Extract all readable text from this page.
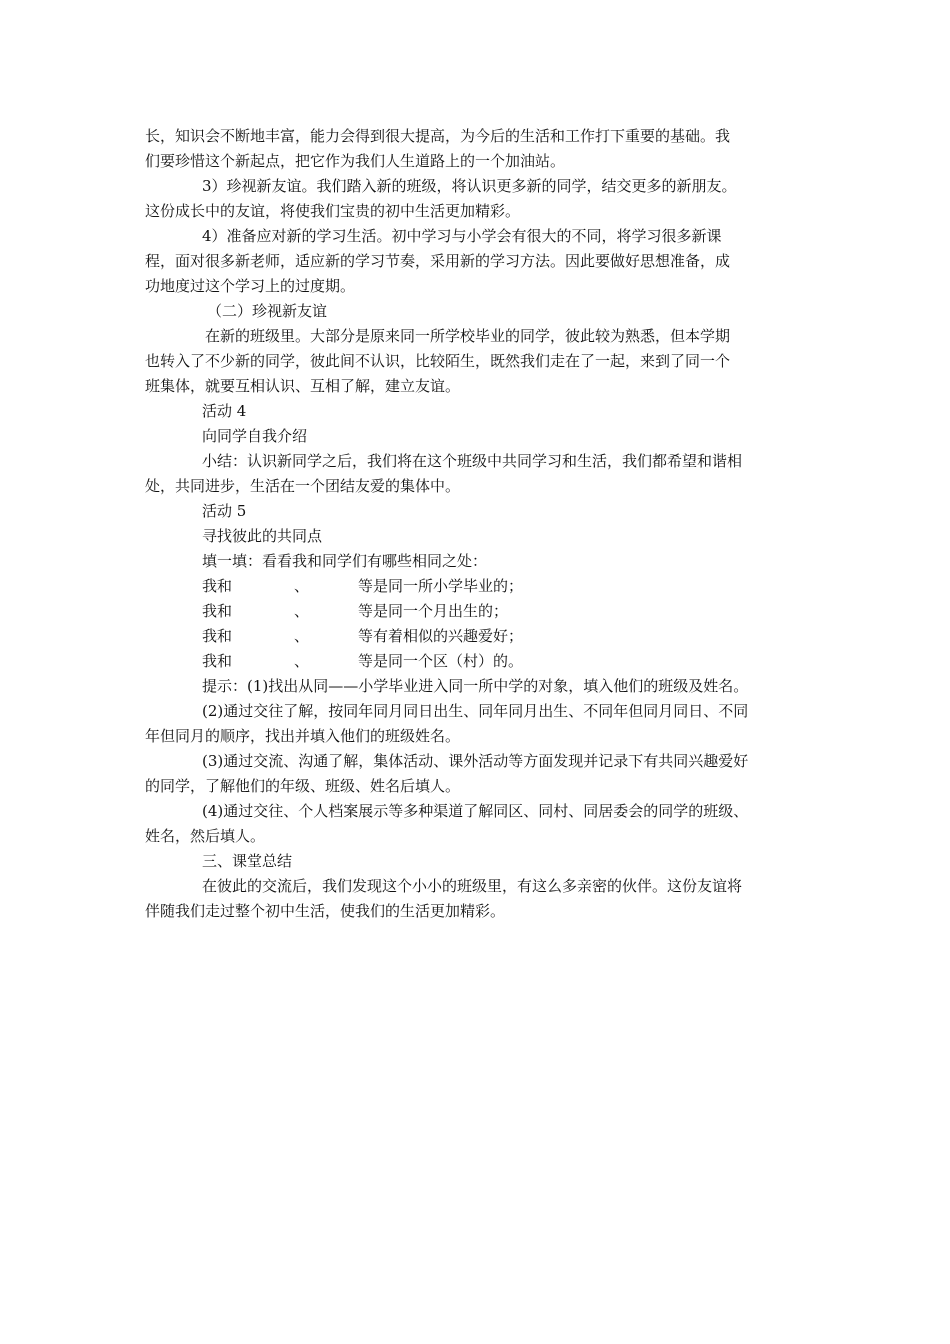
长，知识会不断地丰富，能力会得到很大提高，为今后的生活和工作打下重要的基础。我
们要珍惜这个新起点，把它作为我们人生道路上的一个加油站。
3）珍视新友谊。我们踏入新的班级，将认识更多新的同学，结交更多的新朋友。
这份成长中的友谊，将使我们宝贵的初中生活更加精彩。
4）准备应对新的学习生活。初中学习与小学会有很大的不同，将学习很多新课
程，面对很多新老师，适应新的学习节奏，采用新的学习方法。因此要做好思想准备，成
功地度过这个学习上的过度期。
（二）珍视新友谊
在新的班级里。大部分是原来同一所学校毕业的同学，彼此较为熟悉，但本学期
也转入了不少新的同学，彼此间不认识，比较陌生，既然我们走在了一起，来到了同一个
班集体，就要互相认识、互相了解，建立友谊。
活动 4
向同学自我介绍
小结：认识新同学之后，我们将在这个班级中共同学习和生活，我们都希望和谐相
处，共同进步，生活在一个团结友爱的集体中。
活动 5
寻找彼此的共同点
填一填：看看我和同学们有哪些相同之处：
我和	、	等是同一所小学毕业的；
我和	、	等是同一个月出生的；
我和	、	等有着相似的兴趣爱好；
我和	、	等是同一个区（村）的。
提示：(1)找出从同——小学毕业进入同一所中学的对象，填入他们的班级及姓名。
(2)通过交往了解，按同年同月同日出生、同年同月出生、不同年但同月同日、不同
年但同月的顺序，找出并填入他们的班级姓名。
(3)通过交流、沟通了解，集体活动、课外活动等方面发现并记录下有共同兴趣爱好
的同学，了解他们的年级、班级、姓名后填人。
(4)通过交往、个人档案展示等多种渠道了解同区、同村、同居委会的同学的班级、
姓名，然后填人。
三、课堂总结
在彼此的交流后，我们发现这个小小的班级里，有这么多亲密的伙伴。这份友谊将
伴随我们走过整个初中生活，使我们的生活更加精彩。
